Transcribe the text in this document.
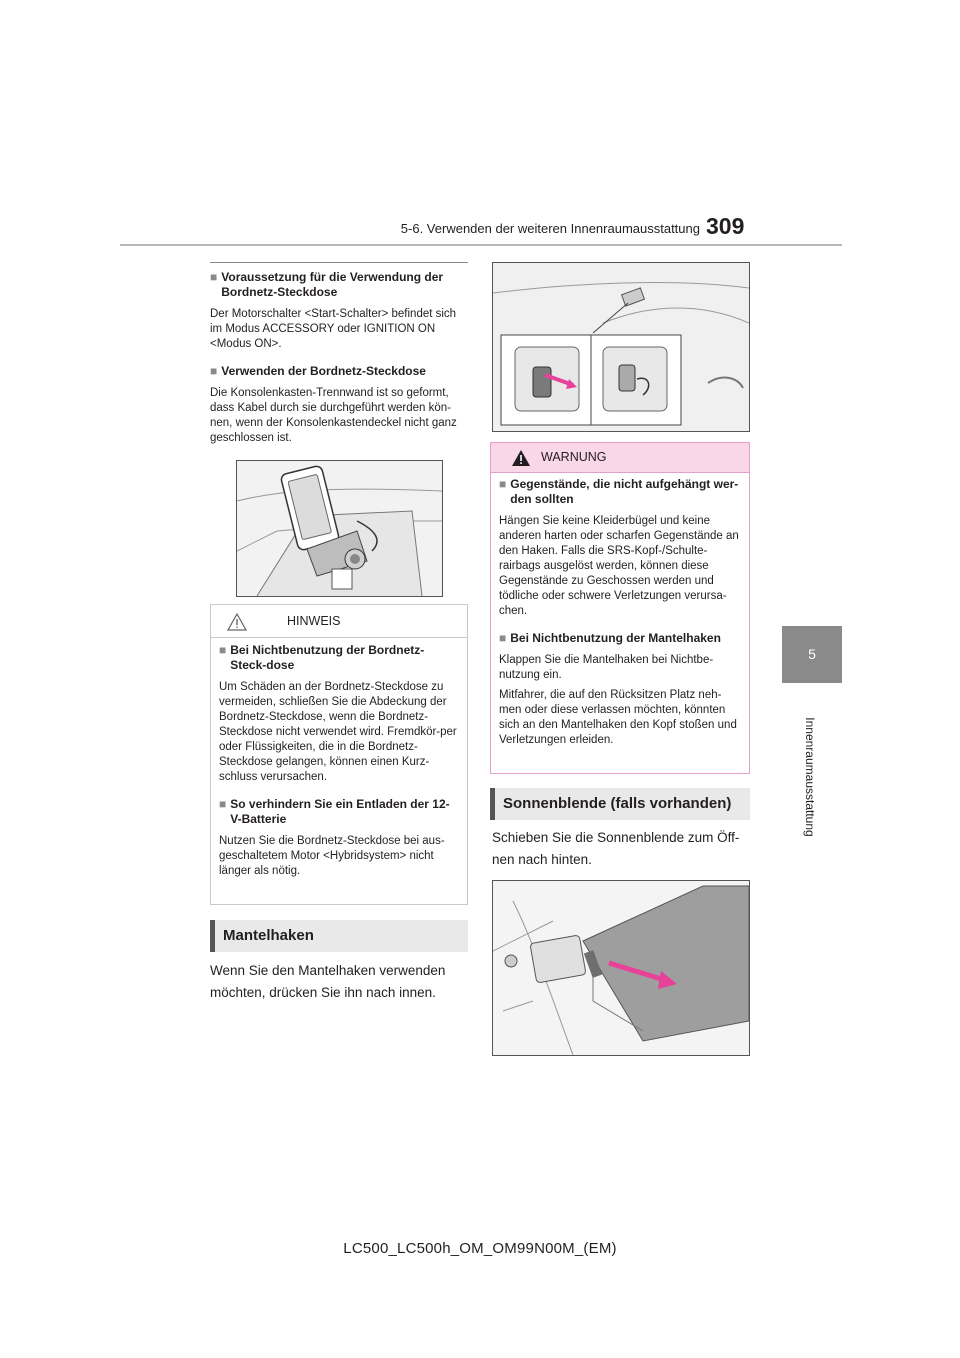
5-6. Verwenden der weiteren Innenraumausstattung 309
5
Innenraumausstattung
■ Voraussetzung für die Verwendung der Bordnetz-Steckdose

Der Motorschalter <Start-Schalter> befindet sich im Modus ACCESSORY oder IGNITION ON <Modus ON>.

■ Verwenden der Bordnetz-Steckdose

Die Konsolenkasten-Trennwand ist so geformt, dass Kabel durch sie durchgeführt werden kön-nen, wenn der Konsolenkastendeckel nicht ganz geschlossen ist.

HINWEIS
■ Bei Nichtbenutzung der Bordnetz-Steck-dose

Um Schäden an der Bordnetz-Steckdose zu vermeiden, schließen Sie die Abdeckung der Bordnetz-Steckdose, wenn die Bordnetz-Steckdose nicht verwendet wird. Fremdkör-per oder Flüssigkeiten, die in die Bordnetz-Steckdose gelangen, können einen Kurz-schluss verursachen.

■ So verhindern Sie ein Entladen der 12-V-Batterie

Nutzen Sie die Bordnetz-Steckdose bei aus-geschaltetem Motor <Hybridsystem> nicht länger als nötig.

Mantelhaken

Wenn Sie den Mantelhaken verwenden möchten, drücken Sie ihn nach innen.

WARNUNG
■ Gegenstände, die nicht aufgehängt wer-den sollten

Hängen Sie keine Kleiderbügel und keine anderen harten oder scharfen Gegenstände an den Haken. Falls die SRS-Kopf-/Schulte-rairbags ausgelöst werden, können diese Gegenstände zu Geschossen werden und tödliche oder schwere Verletzungen verursa-chen.

■ Bei Nichtbenutzung der Mantelhaken

Klappen Sie die Mantelhaken bei Nichtbe-nutzung ein.

Mitfahrer, die auf den Rücksitzen Platz neh-men oder diese verlassen möchten, könnten sich an den Mantelhaken den Kopf stoßen und Verletzungen erleiden.

Sonnenblende (falls vorhanden)

Schieben Sie die Sonnenblende zum Öff-nen nach hinten.

LC500_LC500h_OM_OM99N00M_(EM)
